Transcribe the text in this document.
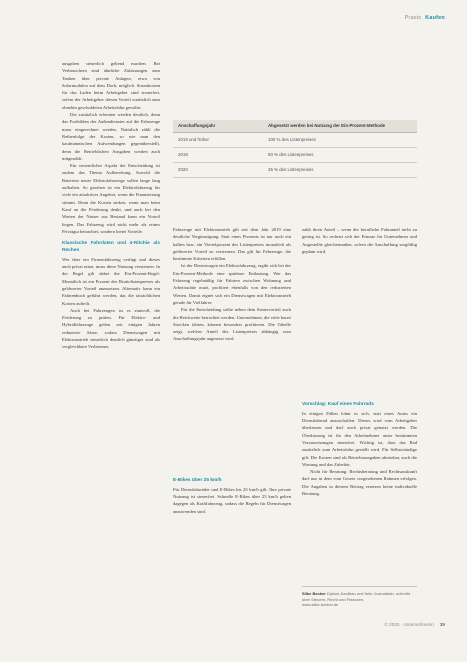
Praxis Kaufen

ausgaben steuerlich geltend machen. Bei Verbrauchern sind ähnliche Zulassungen zum Tanken über private Anlagen, etwa von Solarmodulen auf dem Dach, möglich. Stromkosten für das Laden beim Arbeitgeber sind steuerfrei, sofern der Arbeitgeber diesen Vorteil zusätzlich zum ohnehin geschuldeten Arbeitslohn gewährt.

Die zusätzlich erlernten werden deutlich, denn das Fortbilden des Außendienstes auf die Fahrzeuge muss eingerechnet werden. Natürlich zählt die Reihenfolge der Kosten, so wie man den kaufmännischen Aufwendungen gegenüberstellt, denn die Betrieblichen Ausgaben werden auch mitgezählt.

Ein wesentlicher Aspekt der Entscheidung ist zudem das Thema Aufbereitung. Sowohl die Batterien neuer Elektrofahrzeuge sollen lange lang aufhalten. So gesehen ist ein Elektrofahrzeug für viele ein attraktives Angebot, wenn die Finanzierung stimmt. Denn die Kosten sinken, wenn man beim Kauf an die Förderung denkt, und auch bei den Werten der Nutzer aus Bestand kann ein Vorteil liegen. Das Fahrzeug wird nicht mehr als reines Privatgut betrachtet, sondern bietet Vorteile.

Klassische Fahrdaten und 4-Ritchie als Rechen

Wer über ein Firmenfahrzeug verfügt und dieses auch privat nutzt, muss diese Nutzung versteuern. In der Regel gilt dabei die Ein-Prozent-Regel: Monatlich ist ein Prozent des Bruttolistenpreises als geldwerter Vorteil anzusetzen. Alternativ kann ein Fahrtenbuch geführt werden, das die tatsächlichen Kosten aufteilt.

Auch bei Fahrzeugen ist es sinnvoll, die Förderung zu prüfen. Für Elektro- und Hybridfahrzeuge gelten seit einigen Jahren reduzierte Sätze, sodass Dienstwagen mit Elektroantrieb steuerlich deutlich günstiger sind als vergleichbare Verbrenner.

Anschaffungsjahr	Abgesetzt werden bei Nutzung der Ein-Prozent-Methode
2019 und früher	100 % des Listenpreises
2019	50 % des Listenpreises
2020	25 % des Listenpreises

Fahrzeuge mit Elektroantrieb gilt seit dem Jahr 2019 eine deutliche Vergünstigung. Statt eines Prozents ist nur noch ein halbes bzw. ein Viertelprozent des Listenpreises monatlich als geldwerter Vorteil zu versteuern. Das gilt für Fahrzeuge, die bestimmte Kriterien erfüllen.

Ist der Dienstwagen ein Elektrofahrzeug, ergibt sich bei der Ein-Prozent-Methode eine spürbare Entlastung. Wer das Fahrzeug regelmäßig für Fahrten zwischen Wohnung und Arbeitsstätte nutzt, profitiert ebenfalls von den reduzierten Werten. Damit eignet sich ein Dienstwagen mit Elektroantrieb gerade für Vielfahrer.

Für die Entscheidung sollte neben dem Steuervorteil auch die Reichweite betrachtet werden. Unternehmen, die viele kurze Strecken fahren, können besonders profitieren. Die Tabelle zeigt, welcher Anteil des Listenpreises abhängig vom Anschaffungsjahr angesetzt wird.

E-Bikes über 25 km/h

Für Dienstfahrräder und E-Bikes bis 25 km/h gilt: Ihre private Nutzung ist steuerfrei. Schnelle E-Bikes über 25 km/h gelten dagegen als Kraftfahrzeug, sodass die Regeln für Dienstwagen anzuwenden sind.

zahlt ihren Anteil – wenn der berufliche Fahranteil nicht zu gering ist. So rechnet sich der Einsatz für Unternehmer und Angestellte gleichermaßen, sofern die Anschaffung sorgfältig geplant wird.

Vorschlag: Kauf eines Fahrrads

In einigen Fällen lohnt es sich, statt eines Autos ein Dienstfahrrad anzuschaffen. Dieses wird vom Arbeitgeber überlassen und darf auch privat genutzt werden. Die Überlassung ist für den Arbeitnehmer unter bestimmten Voraussetzungen steuerfrei. Wichtig ist, dass das Rad zusätzlich zum Arbeitslohn gestellt wird. Für Selbstständige gilt: Die Kosten sind als Betriebsausgaben absetzbar, auch die Wartung und das Zubehör.

Nicht für Beratung: Rechtsberatung und Rechtsauskunft darf nur in dem vom Gesetz vorgesehenen Rahmen erfolgen. Die Angaben in diesem Beitrag ersetzen keine individuelle Beratung.

Silke Becker Diplom-Kauffrau und freie Journalistin, schreibt über Steuern, Recht und Finanzen.
www.silke-becker.de
© 2020 · Unternehmerin 39
